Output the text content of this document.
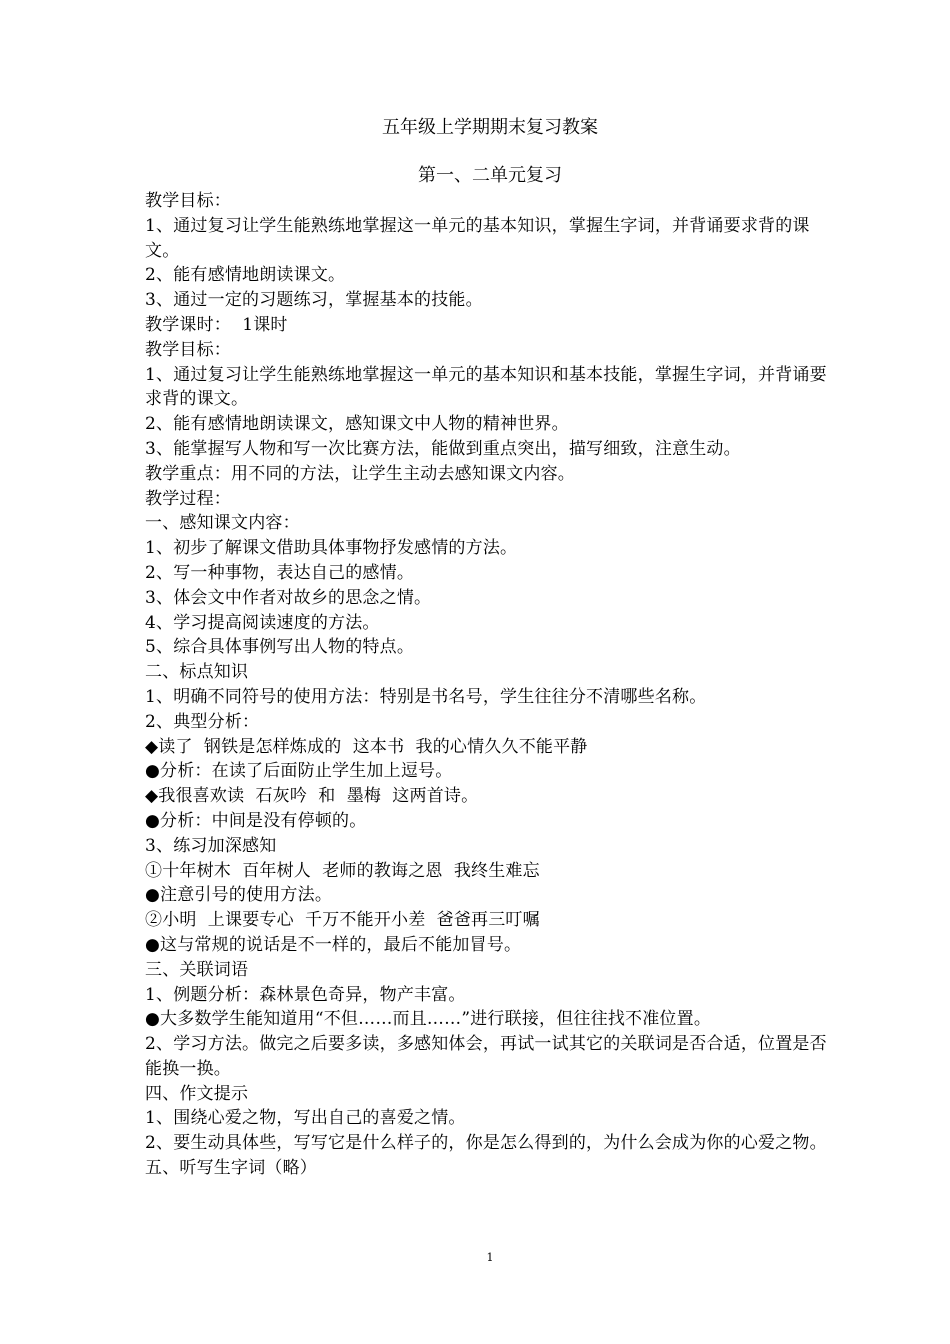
五年级上学期期末复习教案
第一、二单元复习

教学目标：

1、通过复习让学生能熟练地掌握这一单元的基本知识，掌握生字词，并背诵要求背的课文。

2、能有感情地朗读课文。

3、通过一定的习题练习，掌握基本的技能。

教学课时：  1课时

教学目标：

1、通过复习让学生能熟练地掌握这一单元的基本知识和基本技能，掌握生字词，并背诵要求背的课文。

2、能有感情地朗读课文，感知课文中人物的精神世界。

3、能掌握写人物和写一次比赛方法，能做到重点突出，描写细致，注意生动。

教学重点：用不同的方法，让学生主动去感知课文内容。

教学过程：

一、感知课文内容：

1、初步了解课文借助具体事物抒发感情的方法。

2、写一种事物，表达自己的感情。

3、体会文中作者对故乡的思念之情。

4、学习提高阅读速度的方法。

5、综合具体事例写出人物的特点。

二、标点知识

1、明确不同符号的使用方法：特别是书名号，学生往往分不清哪些名称。

2、典型分析：

◆读了  钢铁是怎样炼成的  这本书  我的心情久久不能平静

●分析：在读了后面防止学生加上逗号。

◆我很喜欢读  石灰吟  和  墨梅  这两首诗。

●分析：中间是没有停顿的。

3、练习加深感知

①十年树木  百年树人  老师的教诲之恩  我终生难忘

●注意引号的使用方法。

②小明  上课要专心  千万不能开小差  爸爸再三叮嘱

●这与常规的说话是不一样的，最后不能加冒号。

三、关联词语

1、例题分析：森林景色奇异，物产丰富。

●大多数学生能知道用“不但……而且……”进行联接，但往往找不准位置。

2、学习方法。做完之后要多读，多感知体会，再试一试其它的关联词是否合适，位置是否能换一换。

四、作文提示

1、围绕心爱之物，写出自己的喜爱之情。

2、要生动具体些，写写它是什么样子的，你是怎么得到的，为什么会成为你的心爱之物。

五、听写生字词（略）

1
